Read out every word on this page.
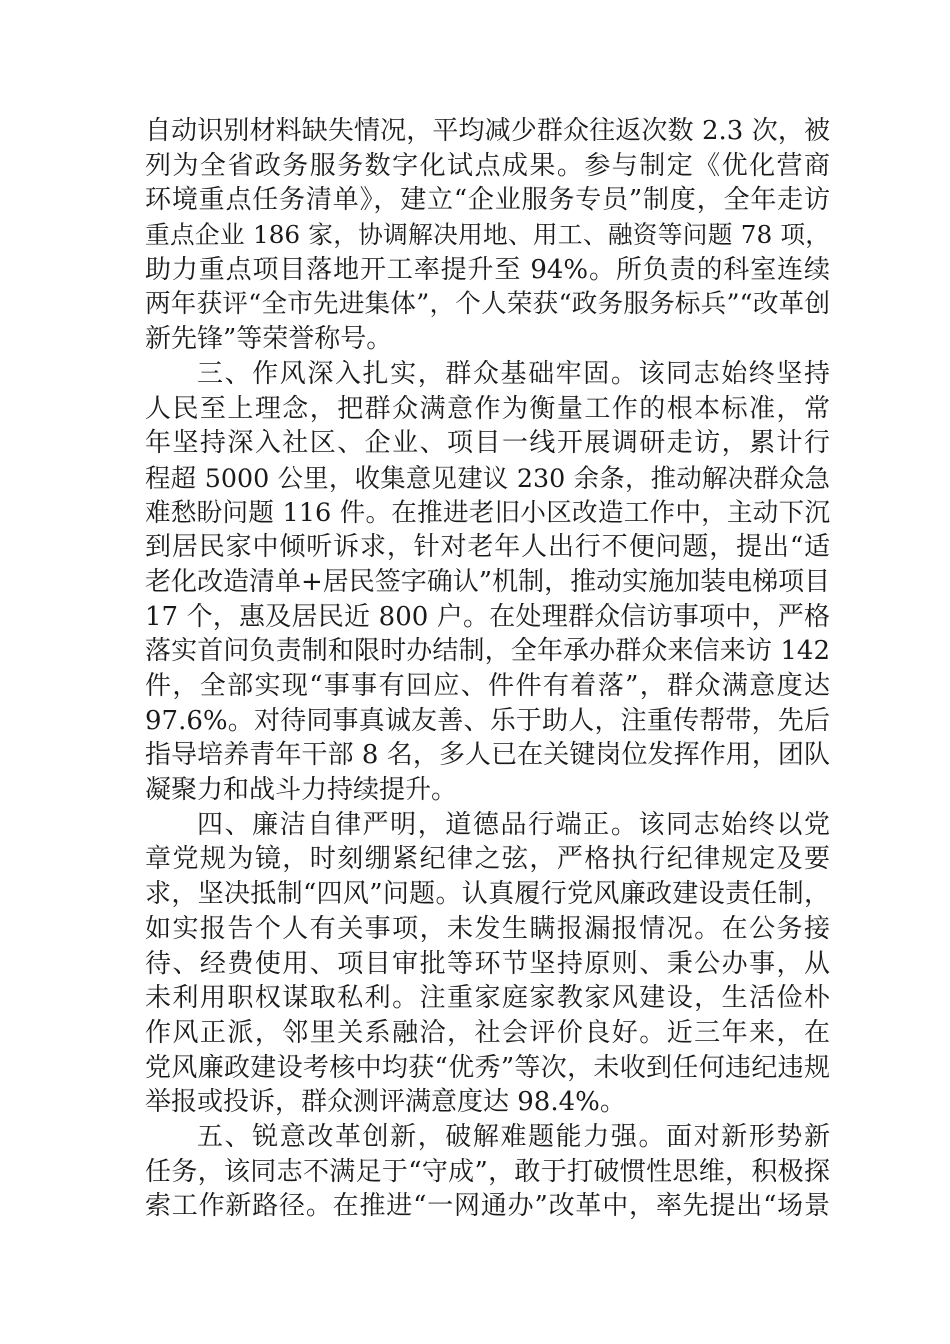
自动识别材料缺失情况，平均减少群众往返次数 2.3 次，被
列为全省政务服务数字化试点成果。参与制定《优化营商
环境重点任务清单》，建立“企业服务专员”制度，全年走访
重点企业 186 家，协调解决用地、用工、融资等问题 78 项，
助力重点项目落地开工率提升至 94%。所负责的科室连续
两年获评“全市先进集体”，个人荣获“政务服务标兵”“改革创
新先锋”等荣誉称号。
三、作风深入扎实，群众基础牢固。该同志始终坚持
人民至上理念，把群众满意作为衡量工作的根本标准，常
年坚持深入社区、企业、项目一线开展调研走访，累计行
程超 5000 公里，收集意见建议 230 余条，推动解决群众急
难愁盼问题 116 件。在推进老旧小区改造工作中，主动下沉
到居民家中倾听诉求，针对老年人出行不便问题，提出“适
老化改造清单+居民签字确认”机制，推动实施加装电梯项目
17 个，惠及居民近 800 户。在处理群众信访事项中，严格
落实首问负责制和限时办结制，全年承办群众来信来访 142
件，全部实现“事事有回应、件件有着落”，群众满意度达
97.6%。对待同事真诚友善、乐于助人，注重传帮带，先后
指导培养青年干部 8 名，多人已在关键岗位发挥作用，团队
凝聚力和战斗力持续提升。
四、廉洁自律严明，道德品行端正。该同志始终以党
章党规为镜，时刻绷紧纪律之弦，严格执行纪律规定及要
求，坚决抵制“四风”问题。认真履行党风廉政建设责任制，
如实报告个人有关事项，未发生瞒报漏报情况。在公务接
待、经费使用、项目审批等环节坚持原则、秉公办事，从
未利用职权谋取私利。注重家庭家教家风建设，生活俭朴
作风正派，邻里关系融洽，社会评价良好。近三年来，在
党风廉政建设考核中均获“优秀”等次，未收到任何违纪违规
举报或投诉，群众测评满意度达 98.4%。
五、锐意改革创新，破解难题能力强。面对新形势新
任务，该同志不满足于“守成”，敢于打破惯性思维，积极探
索工作新路径。在推进“一网通办”改革中，率先提出“场景
